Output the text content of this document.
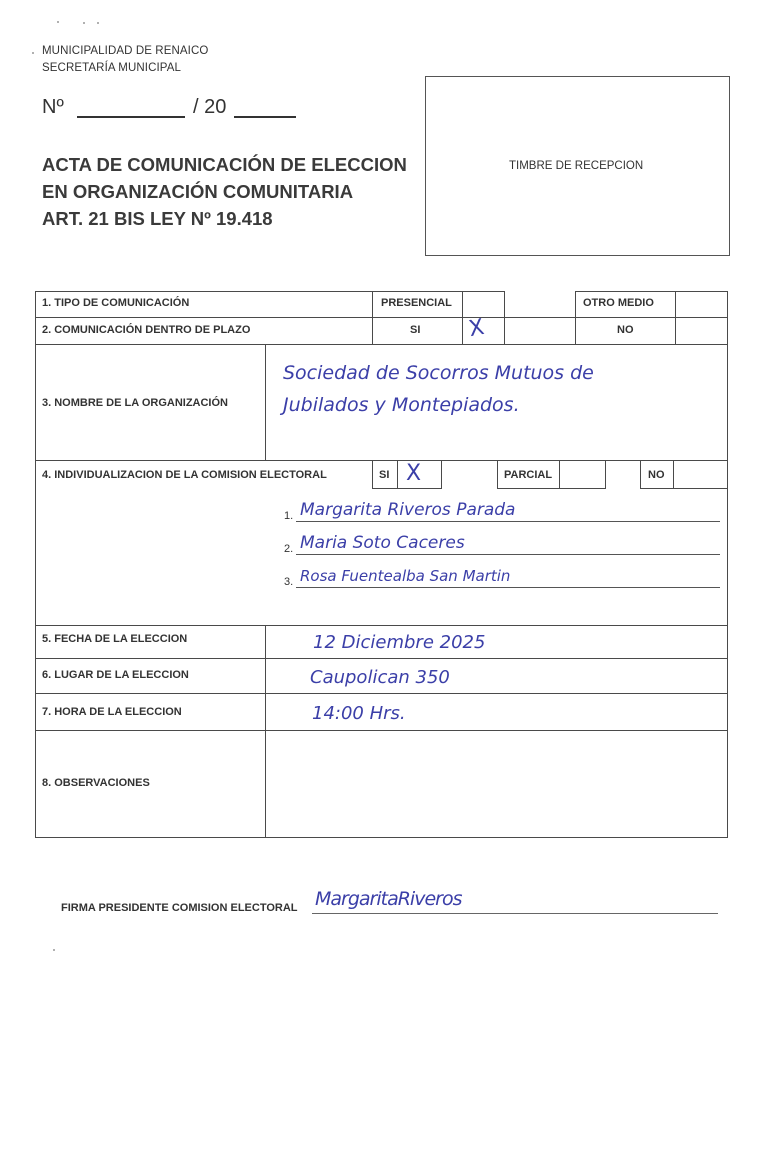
MUNICIPALIDAD DE RENAICO
SECRETARÍA MUNICIPAL
Nº	/ 20
ACTA DE COMUNICACIÓN DE ELECCION
EN ORGANIZACIÓN COMUNITARIA
ART. 21 BIS LEY Nº 19.418
TIMBRE DE RECEPCION
1. TIPO DE COMUNICACIÓN	PRESENCIAL	OTRO MEDIO
2. COMUNICACIÓN DENTRO DE PLAZO	SI X	NO
3. NOMBRE DE LA ORGANIZACIÓN
Sociedad de Socorros Mutuos de
Jubilados y Montepiados.
4. INDIVIDUALIZACION DE LA COMISION ELECTORAL	SI X	PARCIAL	NO
1. Margarita Riveros Parada
2. Maria Soto Caceres
3. Rosa Fuentealba San Martin
5. FECHA DE LA ELECCION	12 Diciembre 2025
6. LUGAR DE LA ELECCION	Caupolican 350
7. HORA DE LA ELECCION	14:00 Hrs.
8. OBSERVACIONES
FIRMA PRESIDENTE COMISION ELECTORAL MargaritaRiveros
